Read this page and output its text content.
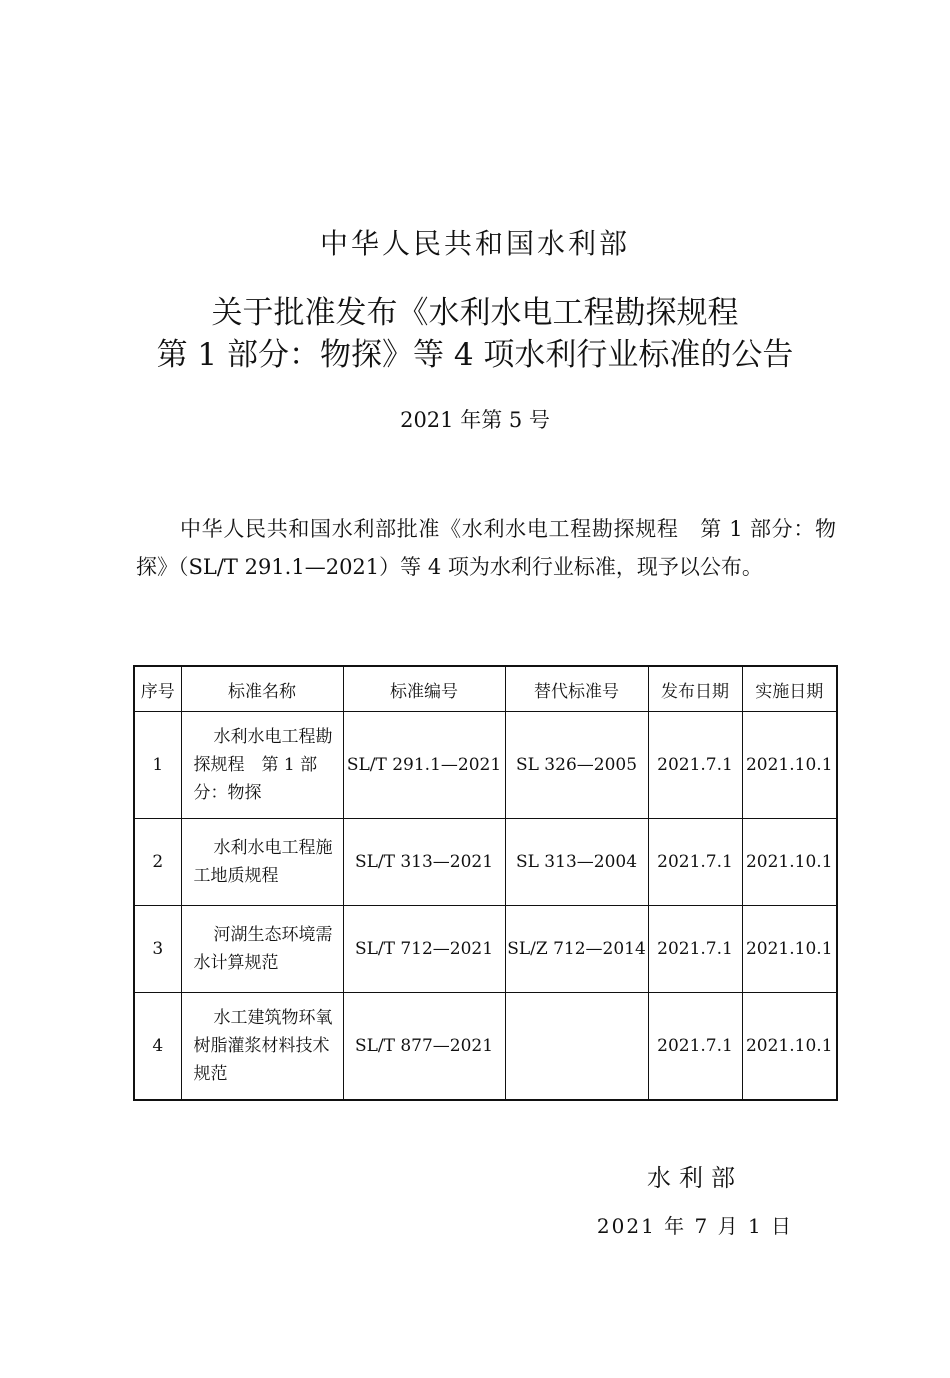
中华人民共和国水利部
关于批准发布《水利水电工程勘探规程
第 1 部分：物探》等 4 项水利行业标准的公告
2021 年第 5 号
中华人民共和国水利部批准《水利水电工程勘探规程　第 1 部分：物探》（SL/T 291.1—2021）等 4 项为水利行业标准，现予以公布。
序号	标准名称	标准编号	替代标准号	发布日期	实施日期
1	水利水电工程勘探规程　第 1 部分：物探	SL/T 291.1—2021	SL 326—2005	2021.7.1	2021.10.1
2	水利水电工程施工地质规程	SL/T 313—2021	SL 313—2004	2021.7.1	2021.10.1
3	河湖生态环境需水计算规范	SL/T 712—2021	SL/Z 712—2014	2021.7.1	2021.10.1
4	水工建筑物环氧树脂灌浆材料技术规范	SL/T 877—2021		2021.7.1	2021.10.1
水利部
2021 年 7 月 1 日
